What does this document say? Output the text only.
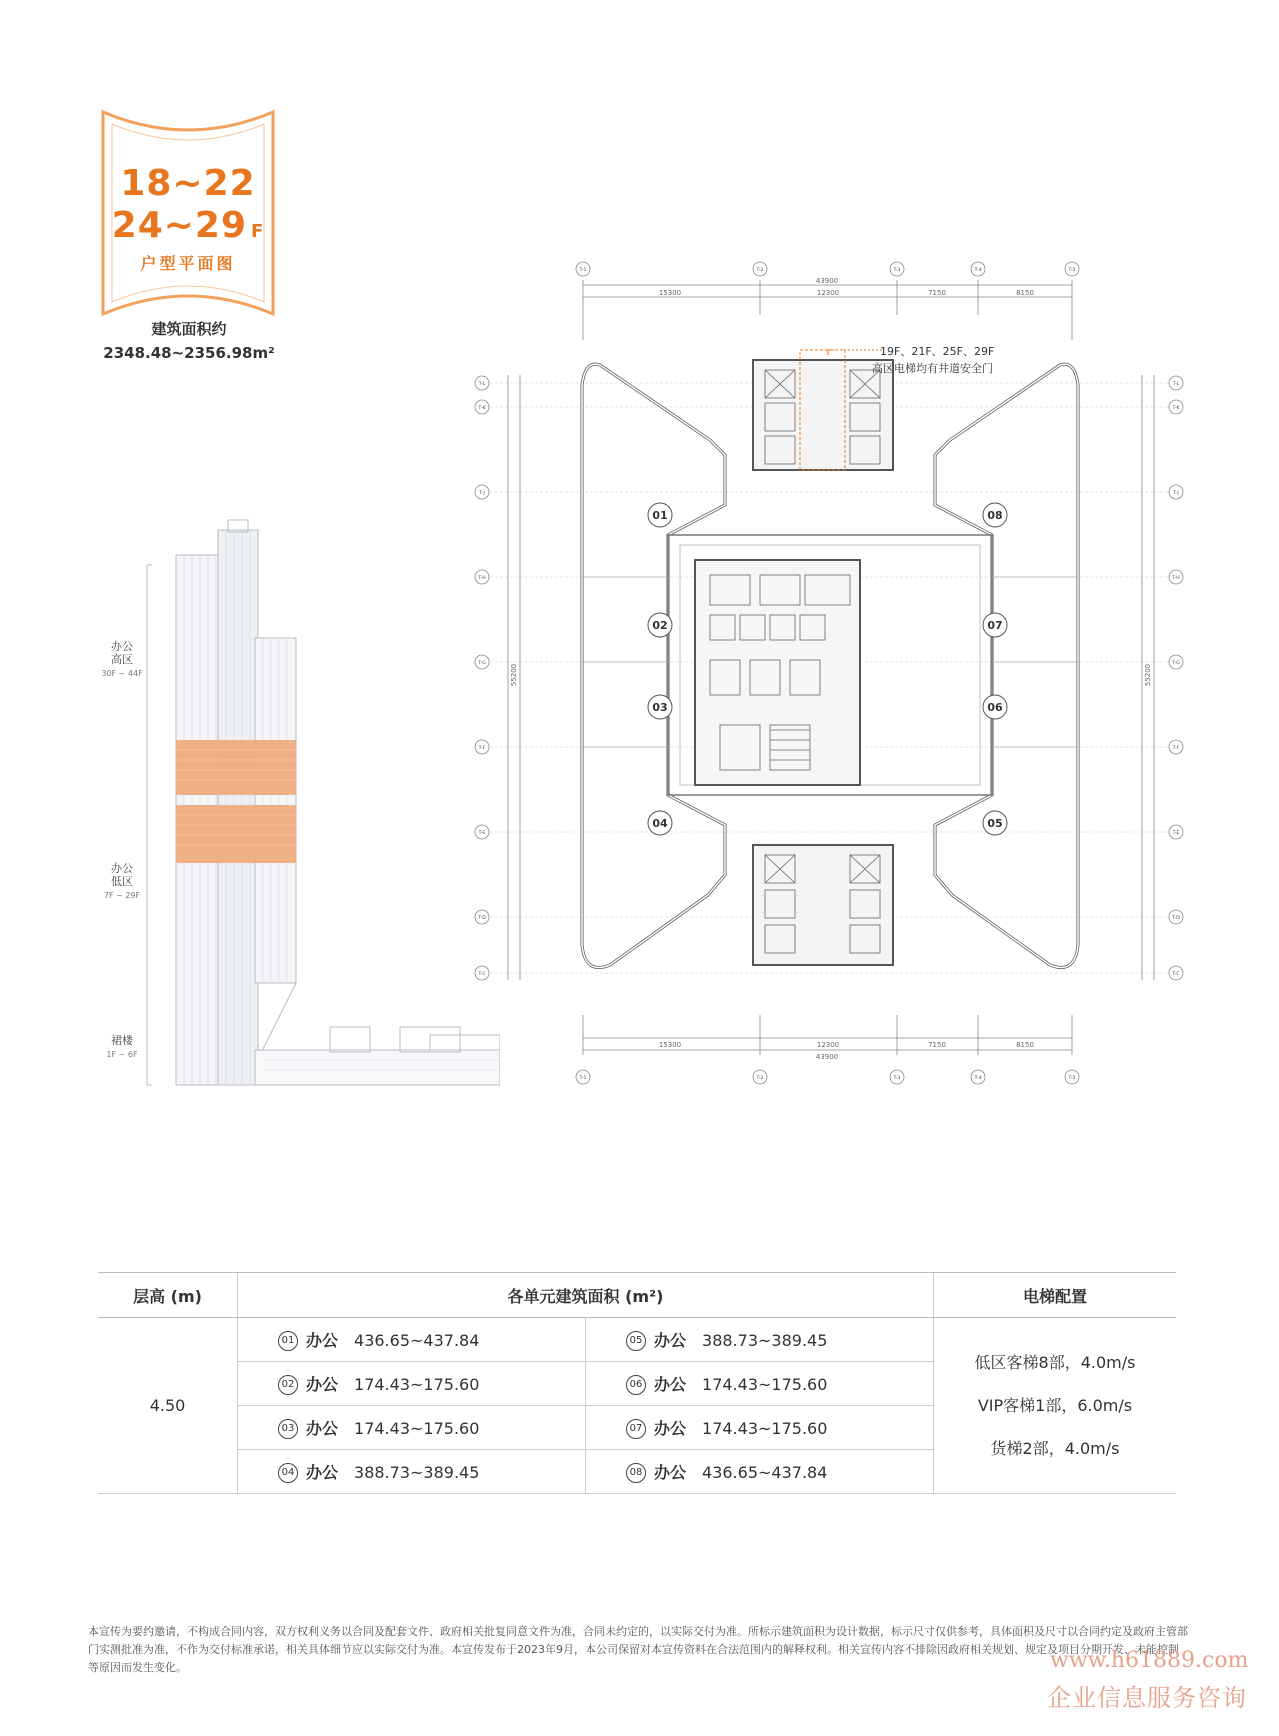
18~22
24~29 F
户型平面图
建筑面积约
2348.48~2356.98m²
办公
高区
30F ~ 44F
办公
低区
7F ~ 29F
裙楼
1F ~ 6F
43900
15300	12300	7150	8150
15300	12300	7150	8150
43900
55200	55200
T-1	T-2	T-3	T-4	T-5
T-1	T-2	T-3	T-4	T-5
T-L
T-K
T-J
T-H
T-G
T-F
T-E
T-D
T-C
T-L
T-K
T-J
T-H
T-G
T-F
T-E
T-D
T-C
01
02
03
04	05
06
07
08
19F、21F、25F、29F
高区电梯均有井道安全门
层高 (m)	各单元建筑面积 (m²)		电梯配置
4.50	01 办公 436.65~437.84	05 办公 388.73~389.45	低区客梯8部，4.0m/s
VIP客梯1部，6.0m/s
货梯2部，4.0m/s

	02 办公 174.43~175.60	06 办公 174.43~175.60	
	03 办公 174.43~175.60	07 办公 174.43~175.60	
	04 办公 388.73~389.45	08 办公 436.65~437.84	
本宣传为要约邀请，不构成合同内容，双方权利义务以合同及配套文件、政府相关批复同意文件为准，合同未约定的，以实际交付为准。所标示建筑面积为设计数据，标示尺寸仅供参考，具体面积及尺寸以合同约定及政府主管部门实测批准为准，不作为交付标准承诺，相关具体细节应以实际交付为准。本宣传发布于2023年9月，本公司保留对本宣传资料在合法范围内的解释权利。相关宣传内容不排除因政府相关规划、规定及项目分期开发、未能控制等原因而发生变化。	www.h61889.com
企业信息服务咨询
